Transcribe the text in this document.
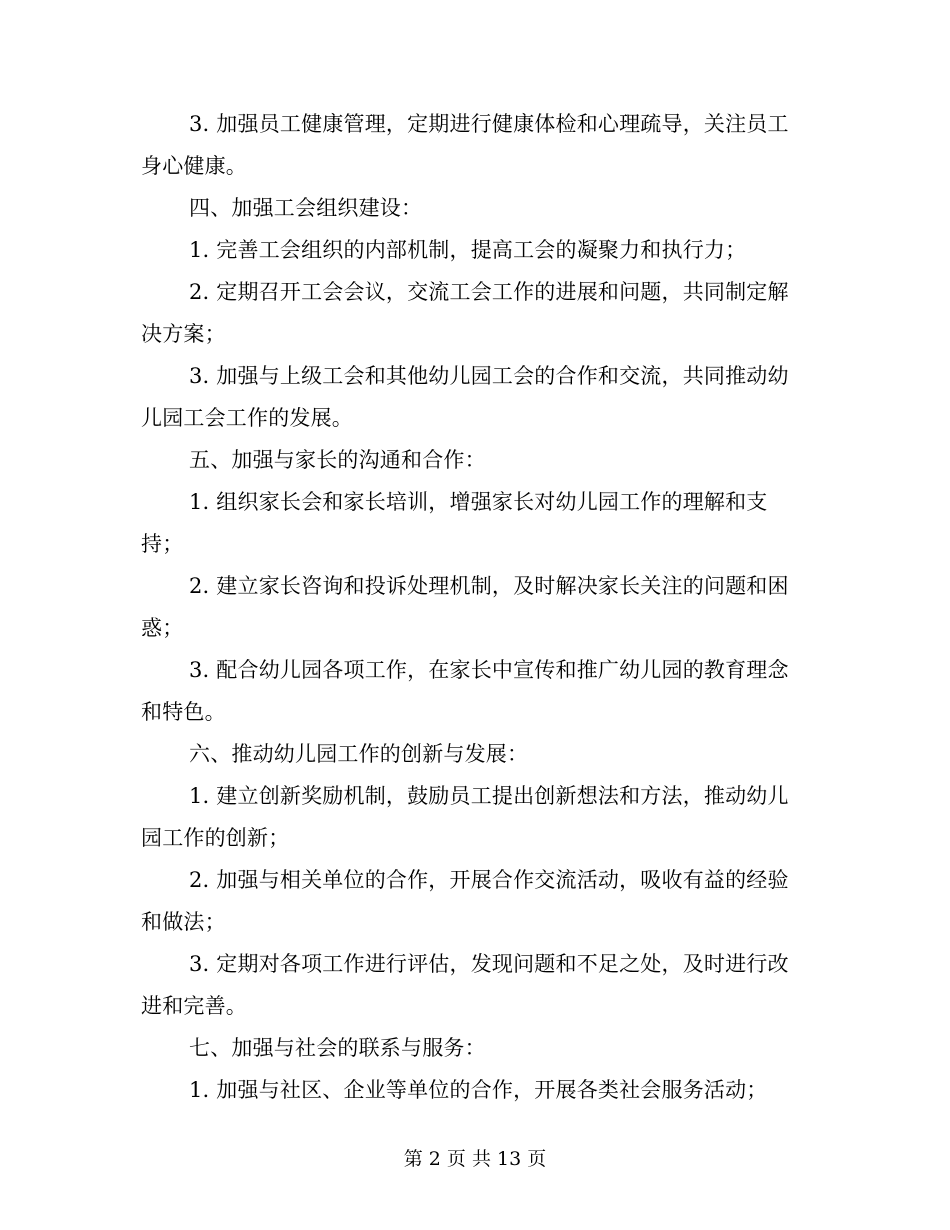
3. 加强员工健康管理，定期进行健康体检和心理疏导，关注员工身心健康。

四、加强工会组织建设：

1. 完善工会组织的内部机制，提高工会的凝聚力和执行力；

2. 定期召开工会会议，交流工会工作的进展和问题，共同制定解决方案；

3. 加强与上级工会和其他幼儿园工会的合作和交流，共同推动幼儿园工会工作的发展。

五、加强与家长的沟通和合作：

1. 组织家长会和家长培训，增强家长对幼儿园工作的理解和支持；

2. 建立家长咨询和投诉处理机制，及时解决家长关注的问题和困惑；

3. 配合幼儿园各项工作，在家长中宣传和推广幼儿园的教育理念和特色。

六、推动幼儿园工作的创新与发展：

1. 建立创新奖励机制，鼓励员工提出创新想法和方法，推动幼儿园工作的创新；

2. 加强与相关单位的合作，开展合作交流活动，吸收有益的经验和做法；

3. 定期对各项工作进行评估，发现问题和不足之处，及时进行改进和完善。

七、加强与社会的联系与服务：

1. 加强与社区、企业等单位的合作，开展各类社会服务活动；

第 2 页 共 13 页
